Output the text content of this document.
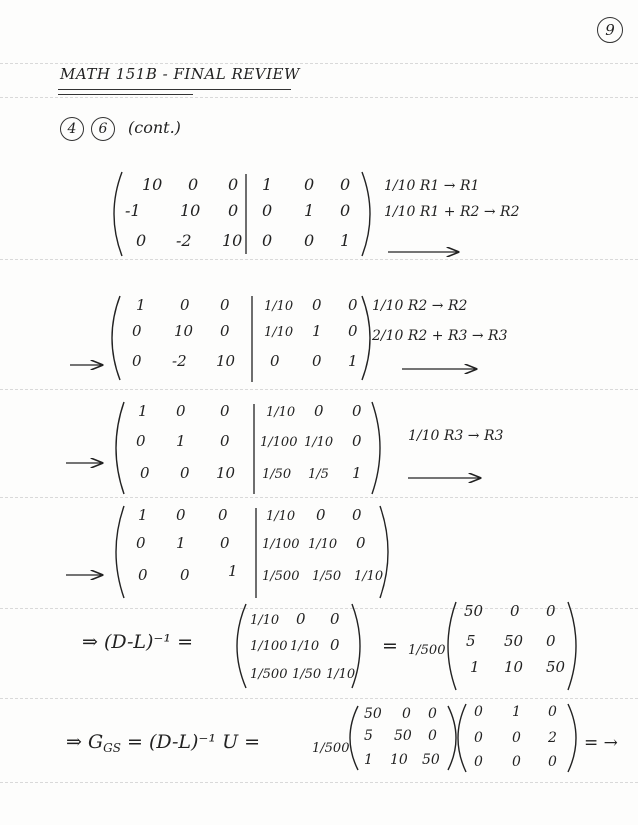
9
MATH 151B - FINAL REVIEW
4	6	(cont.)
10 0 0 1 0 0
-1 10 0 0 1 0
0 -2 10 0 0 1
1/10 R1 → R1
1/10 R1 + R2 → R2
1 0 0	1/10 0 0
0 10 0	1/10 1 0
0 -2 10 0 0 1
1/10 R2 → R2
2/10 R2 + R3 → R3
1 0 0	1/10 0 0
0 1 0 1/100 1/10 0
0 0 10 1/50 1/5 1
1/10 R3 → R3
1 0 0	1/10 0 0
0 1 0 1/100 1/10 0
0 0	1 1/500 1/50 1/10
⇒ (D-L)⁻¹ =
1/10 0 0
1/100 1/10 0
1/500 1/50 1/10
= 1/500
50 0 0
5 50 0
1 10 50
⇒ $G_{GS} = (D-L)^{-1}$ U =	1/500
50 0 0
5 50 0
1 10 50
0 1 0
0 0 2
0 0 0
= →
